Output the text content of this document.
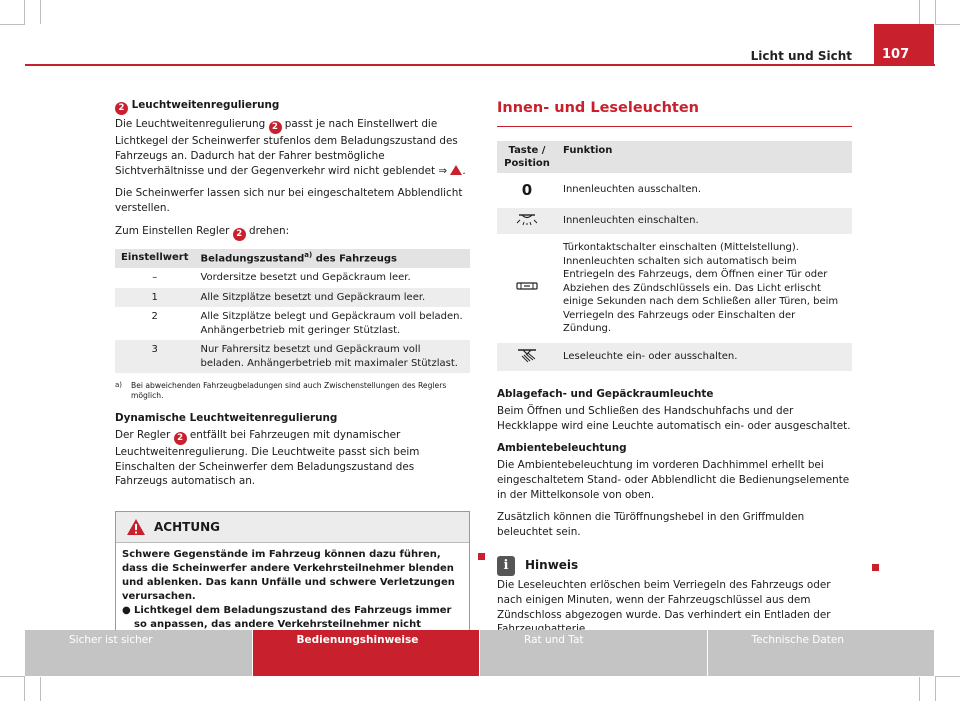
Licht und Sicht	107
2 Leuchtweitenregulierung

Die Leuchtweitenregulierung 2 passt je nach Einstellwert die Lichtkegel der Scheinwerfer stufenlos dem Beladungszustand des Fahrzeugs an. Dadurch hat der Fahrer bestmögliche Sichtverhältnisse und der Gegenverkehr wird nicht geblendet ⇒ .

Die Scheinwerfer lassen sich nur bei eingeschaltetem Abblendlicht verstellen.

Zum Einstellen Regler 2 drehen:

Einstellwert	Beladungszustand$^{a)}$ des Fahrzeugs
–	Vordersitze besetzt und Gepäckraum leer.
1	Alle Sitzplätze besetzt und Gepäckraum leer.
2	Alle Sitzplätze belegt und Gepäckraum voll beladen. Anhängerbetrieb mit geringer Stützlast.
3	Nur Fahrersitz besetzt und Gepäckraum voll beladen. Anhängerbetrieb mit maximaler Stützlast.
a)	Bei abweichenden Fahrzeugbeladungen sind auch Zwischenstellungen des Reglers möglich.
Dynamische Leuchtweitenregulierung

Der Regler 2 entfällt bei Fahrzeugen mit dynamischer Leuchtweitenregulierung. Die Leuchtweite passt sich beim Einschalten der Scheinwerfer dem Beladungszustand des Fahrzeugs automatisch an.

ACHTUNG
Schwere Gegenstände im Fahrzeug können dazu führen, dass die Scheinwerfer andere Verkehrsteilnehmer blenden und ablenken. Das kann Unfälle und schwere Verletzungen verursachen.
● Lichtkegel dem Beladungszustand des Fahrzeugs immer so anpassen, das andere Verkehrsteilnehmer nicht
Innen- und Leseleuchten
Taste / Position	Funktion
0	Innenleuchten ausschalten.
	Innenleuchten einschalten.
	Türkontaktschalter einschalten (Mittelstellung). Innenleuchten schalten sich automatisch beim Entriegeln des Fahrzeugs, dem Öffnen einer Tür oder Abziehen des Zündschlüssels ein. Das Licht erlischt einige Sekunden nach dem Schließen aller Türen, beim Verriegeln des Fahrzeugs oder Einschalten der Zündung.
	Leseleuchte ein- oder ausschalten.
Ablagefach- und Gepäckraumleuchte

Beim Öffnen und Schließen des Handschuhfachs und der Heckklappe wird eine Leuchte automatisch ein- oder ausgeschaltet.

Ambientebeleuchtung

Die Ambientebeleuchtung im vorderen Dachhimmel erhellt bei eingeschaltetem Stand- oder Abblendlicht die Bedienungselemente in der Mittelkonsole von oben.

Zusätzlich können die Türöffnungshebel in den Griffmulden beleuchtet sein.

i	Hinweis

Die Leseleuchten erlöschen beim Verriegeln des Fahrzeugs oder nach einigen Minuten, wenn der Fahrzeugschlüssel aus dem Zündschloss abgezogen wurde. Das verhindert ein Entladen der

Sicher ist sicher	Bedienungshinweise	Rat und Tat	Technische Daten
